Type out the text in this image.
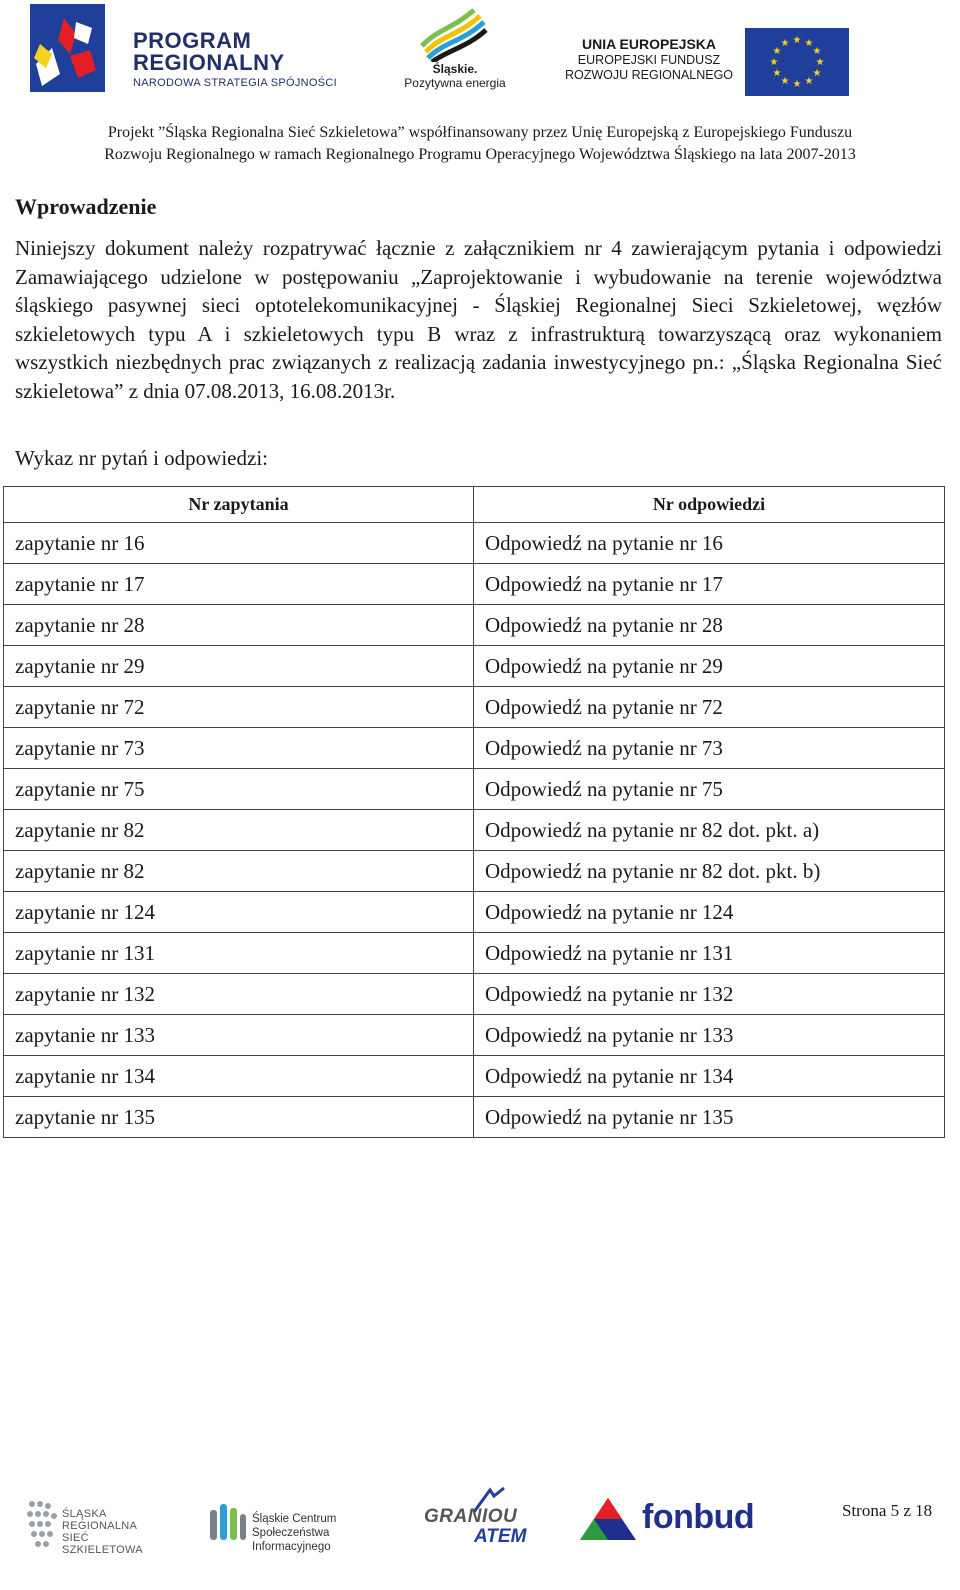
PROGRAM
REGIONALNY
NARODOWA STRATEGIA SPÓJNOŚCI
Śląskie.
Pozytywna energia
UNIA EUROPEJSKA
EUROPEJSKI FUNDUSZ
ROZWOJU REGIONALNEGO
★ ★
★
★
★
★
★
★
★
★
★
★
Projekt ”Śląska Regionalna Sieć Szkieletowa” współfinansowany przez Unię Europejską z Europejskiego Funduszu
Rozwoju Regionalnego w ramach Regionalnego Programu Operacyjnego Województwa Śląskiego na lata 2007-2013
Wprowadzenie
Niniejszy dokument należy rozpatrywać łącznie z załącznikiem nr 4 zawierającym pytania i odpowiedzi Zamawiającego udzielone w postępowaniu „Zaprojektowanie i wybudowanie na terenie województwa śląskiego pasywnej sieci optotelekomunikacyjnej - Śląskiej Regionalnej Sieci Szkieletowej, węzłów szkieletowych typu A i szkieletowych typu B wraz z infrastrukturą towarzyszącą oraz wykonaniem wszystkich niezbędnych prac związanych z realizacją zadania inwestycyjnego pn.: „Śląska Regionalna Sieć szkieletowa” z dnia 07.08.2013, 16.08.2013r.
Wykaz nr pytań i odpowiedzi:
Nr zapytania	Nr odpowiedzi
zapytanie nr 16	Odpowiedź na pytanie nr 16
zapytanie nr 17	Odpowiedź na pytanie nr 17
zapytanie nr 28	Odpowiedź na pytanie nr 28
zapytanie nr 29	Odpowiedź na pytanie nr 29
zapytanie nr 72	Odpowiedź na pytanie nr 72
zapytanie nr 73	Odpowiedź na pytanie nr 73
zapytanie nr 75	Odpowiedź na pytanie nr 75
zapytanie nr 82	Odpowiedź na pytanie nr 82 dot. pkt. a)
zapytanie nr 82	Odpowiedź na pytanie nr 82 dot. pkt. b)
zapytanie nr 124	Odpowiedź na pytanie nr 124
zapytanie nr 131	Odpowiedź na pytanie nr 131
zapytanie nr 132	Odpowiedź na pytanie nr 132
zapytanie nr 133	Odpowiedź na pytanie nr 133
zapytanie nr 134	Odpowiedź na pytanie nr 134
zapytanie nr 135	Odpowiedź na pytanie nr 135
ŚLĄSKA
REGIONALNA
SIEĆ SZKIELETOWA
Śląskie Centrum
Społeczeństwa Informacyjnego
GRANIOU
ATEM
fonbud	Strona 5 z 18
